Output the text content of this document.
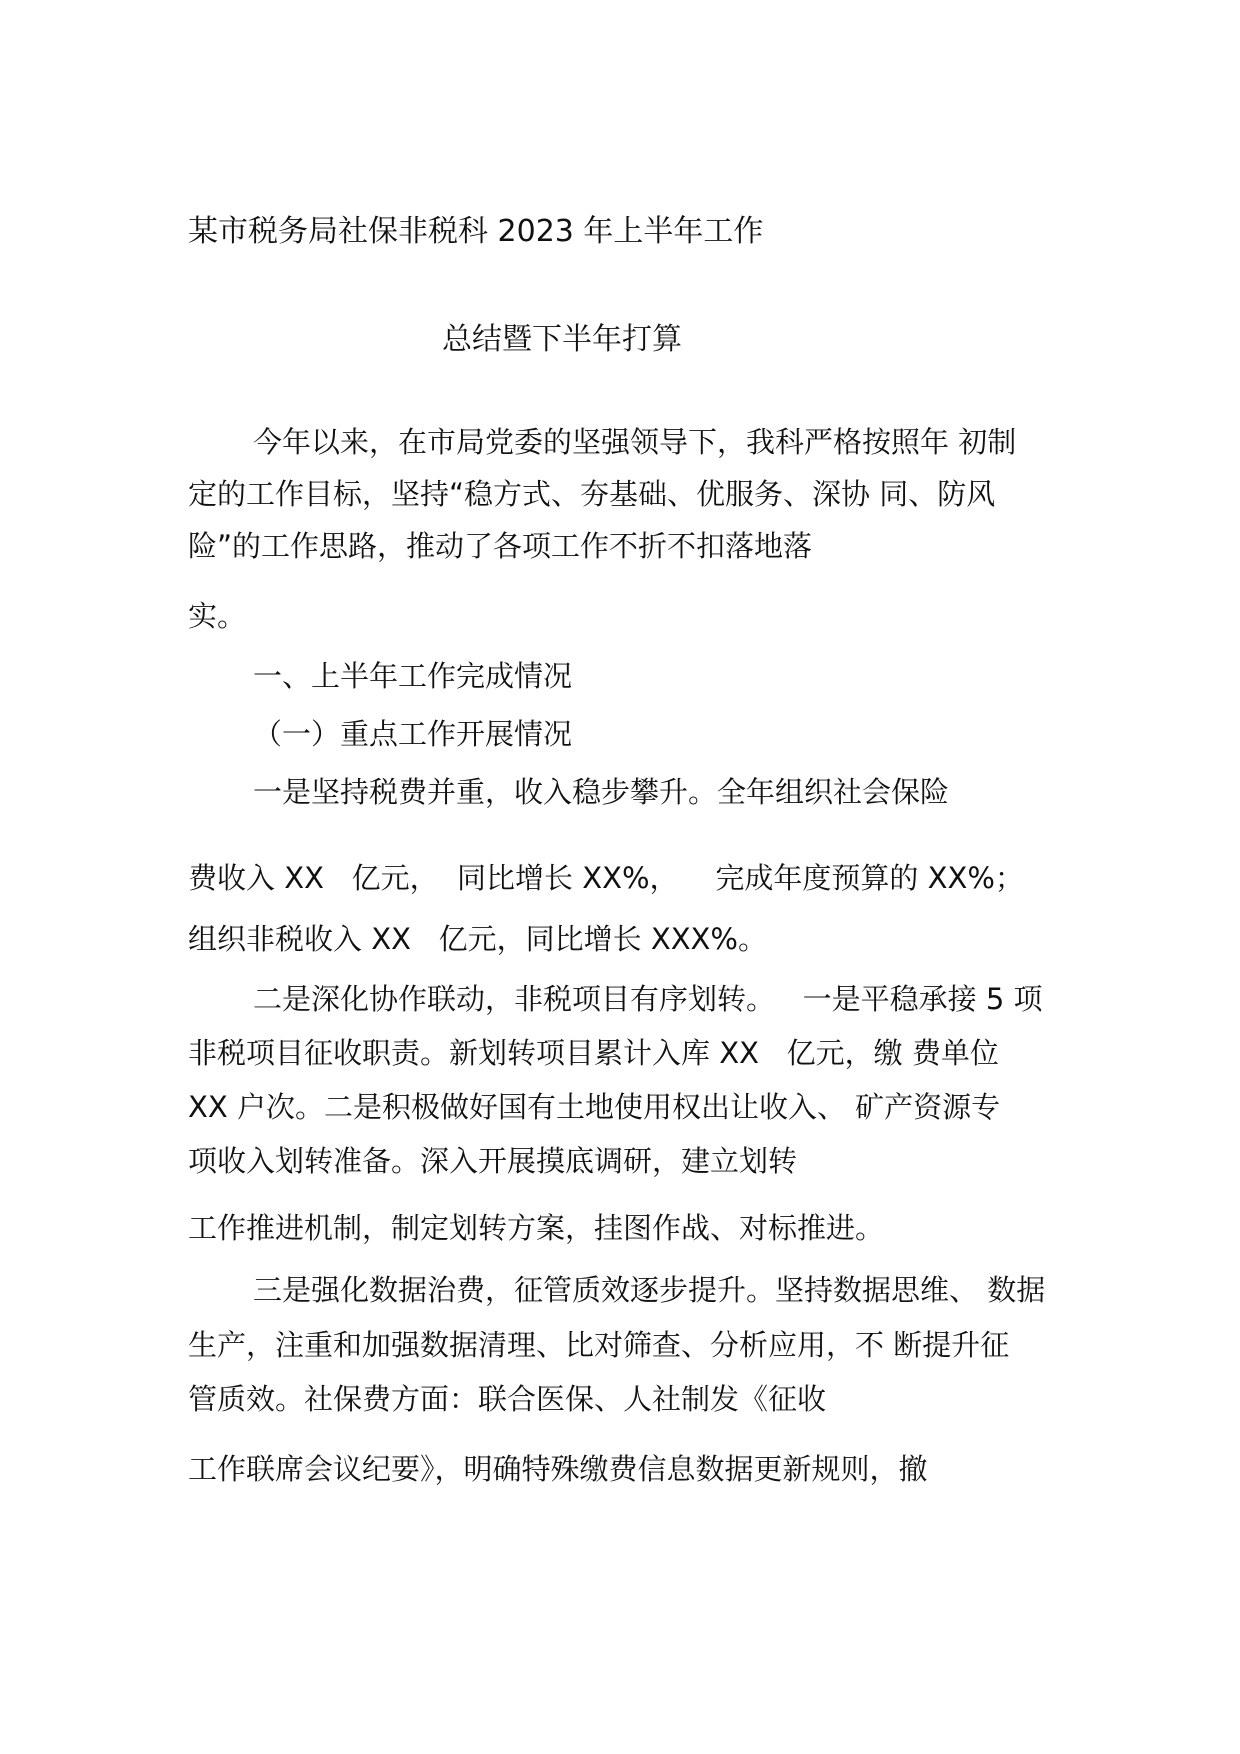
某市税务局社保非税科 2023 年上半年工作
总结暨下半年打算
今年以来，在市局党委的坚强领导下，我科严格按照年 初制
定的工作目标，坚持“稳方式、夯基础、优服务、深协 同、防风
险”的工作思路，推动了各项工作不折不扣落地落
实。
一、上半年工作完成情况
（一）重点工作开展情况
一是坚持税费并重，收入稳步攀升。全年组织社会保险
费收入 XX   亿元，  同比增长 XX%，    完成年度预算的 XX%；
组织非税收入 XX   亿元，同比增长 XXX%。
二是深化协作联动，非税项目有序划转。   一是平稳承接 5 项
非税项目征收职责。新划转项目累计入库 XX   亿元，缴 费单位
XX 户次。二是积极做好国有土地使用权出让收入、 矿产资源专
项收入划转准备。深入开展摸底调研，建立划转
工作推进机制，制定划转方案，挂图作战、对标推进。
三是强化数据治费，征管质效逐步提升。坚持数据思维、 数据
生产，注重和加强数据清理、比对筛查、分析应用，不 断提升征
管质效。社保费方面：联合医保、人社制发《征收
工作联席会议纪要》，明确特殊缴费信息数据更新规则，撤
